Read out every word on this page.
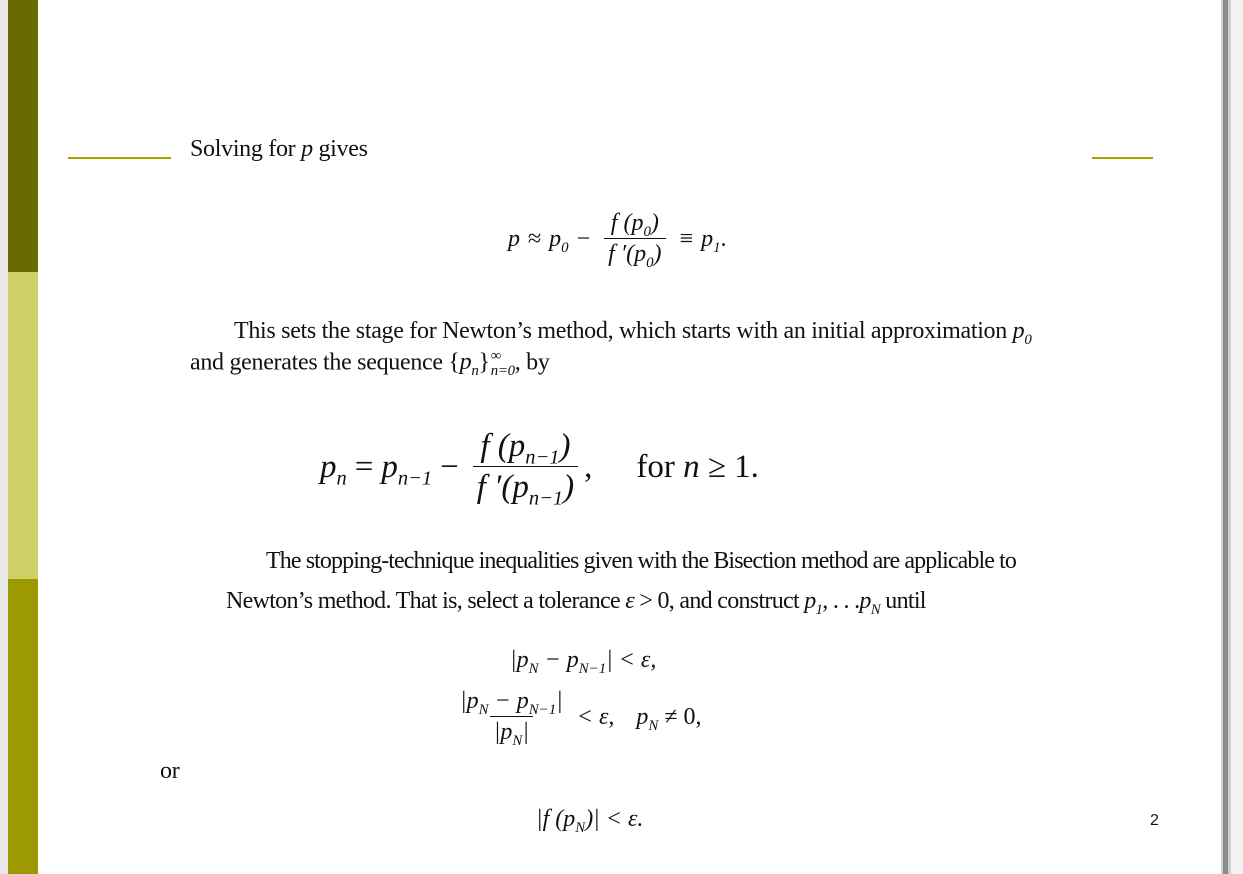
Solving for p gives
$p \approx p_0 - \frac{f (p_0)}{f '(p_0)} \equiv p_1$ .
This sets the stage for Newton’s method, which starts with an initial approximation $p_0$
and generates the sequence $\{p_n\}$ ∞
n=0 , by
$p_n = p_{n-1} - \frac{f (p_{n-1})}{f '(p_{n-1})}$ , for
n
≥ 1.
The stopping-technique inequalities given with the Bisection method are applicable to
Newton’s method. That is, select a tolerance ε > 0, and construct $p_1$, . . $.p_N$ until
$|p_N - p_{N-1}| < \varepsilon$,
$\frac{|p_N - p_{N-1}|}{|p_N|} < \varepsilon$, $p_N$
≠ 0,
or
|f $(p_N)| < \varepsilon$.	2
